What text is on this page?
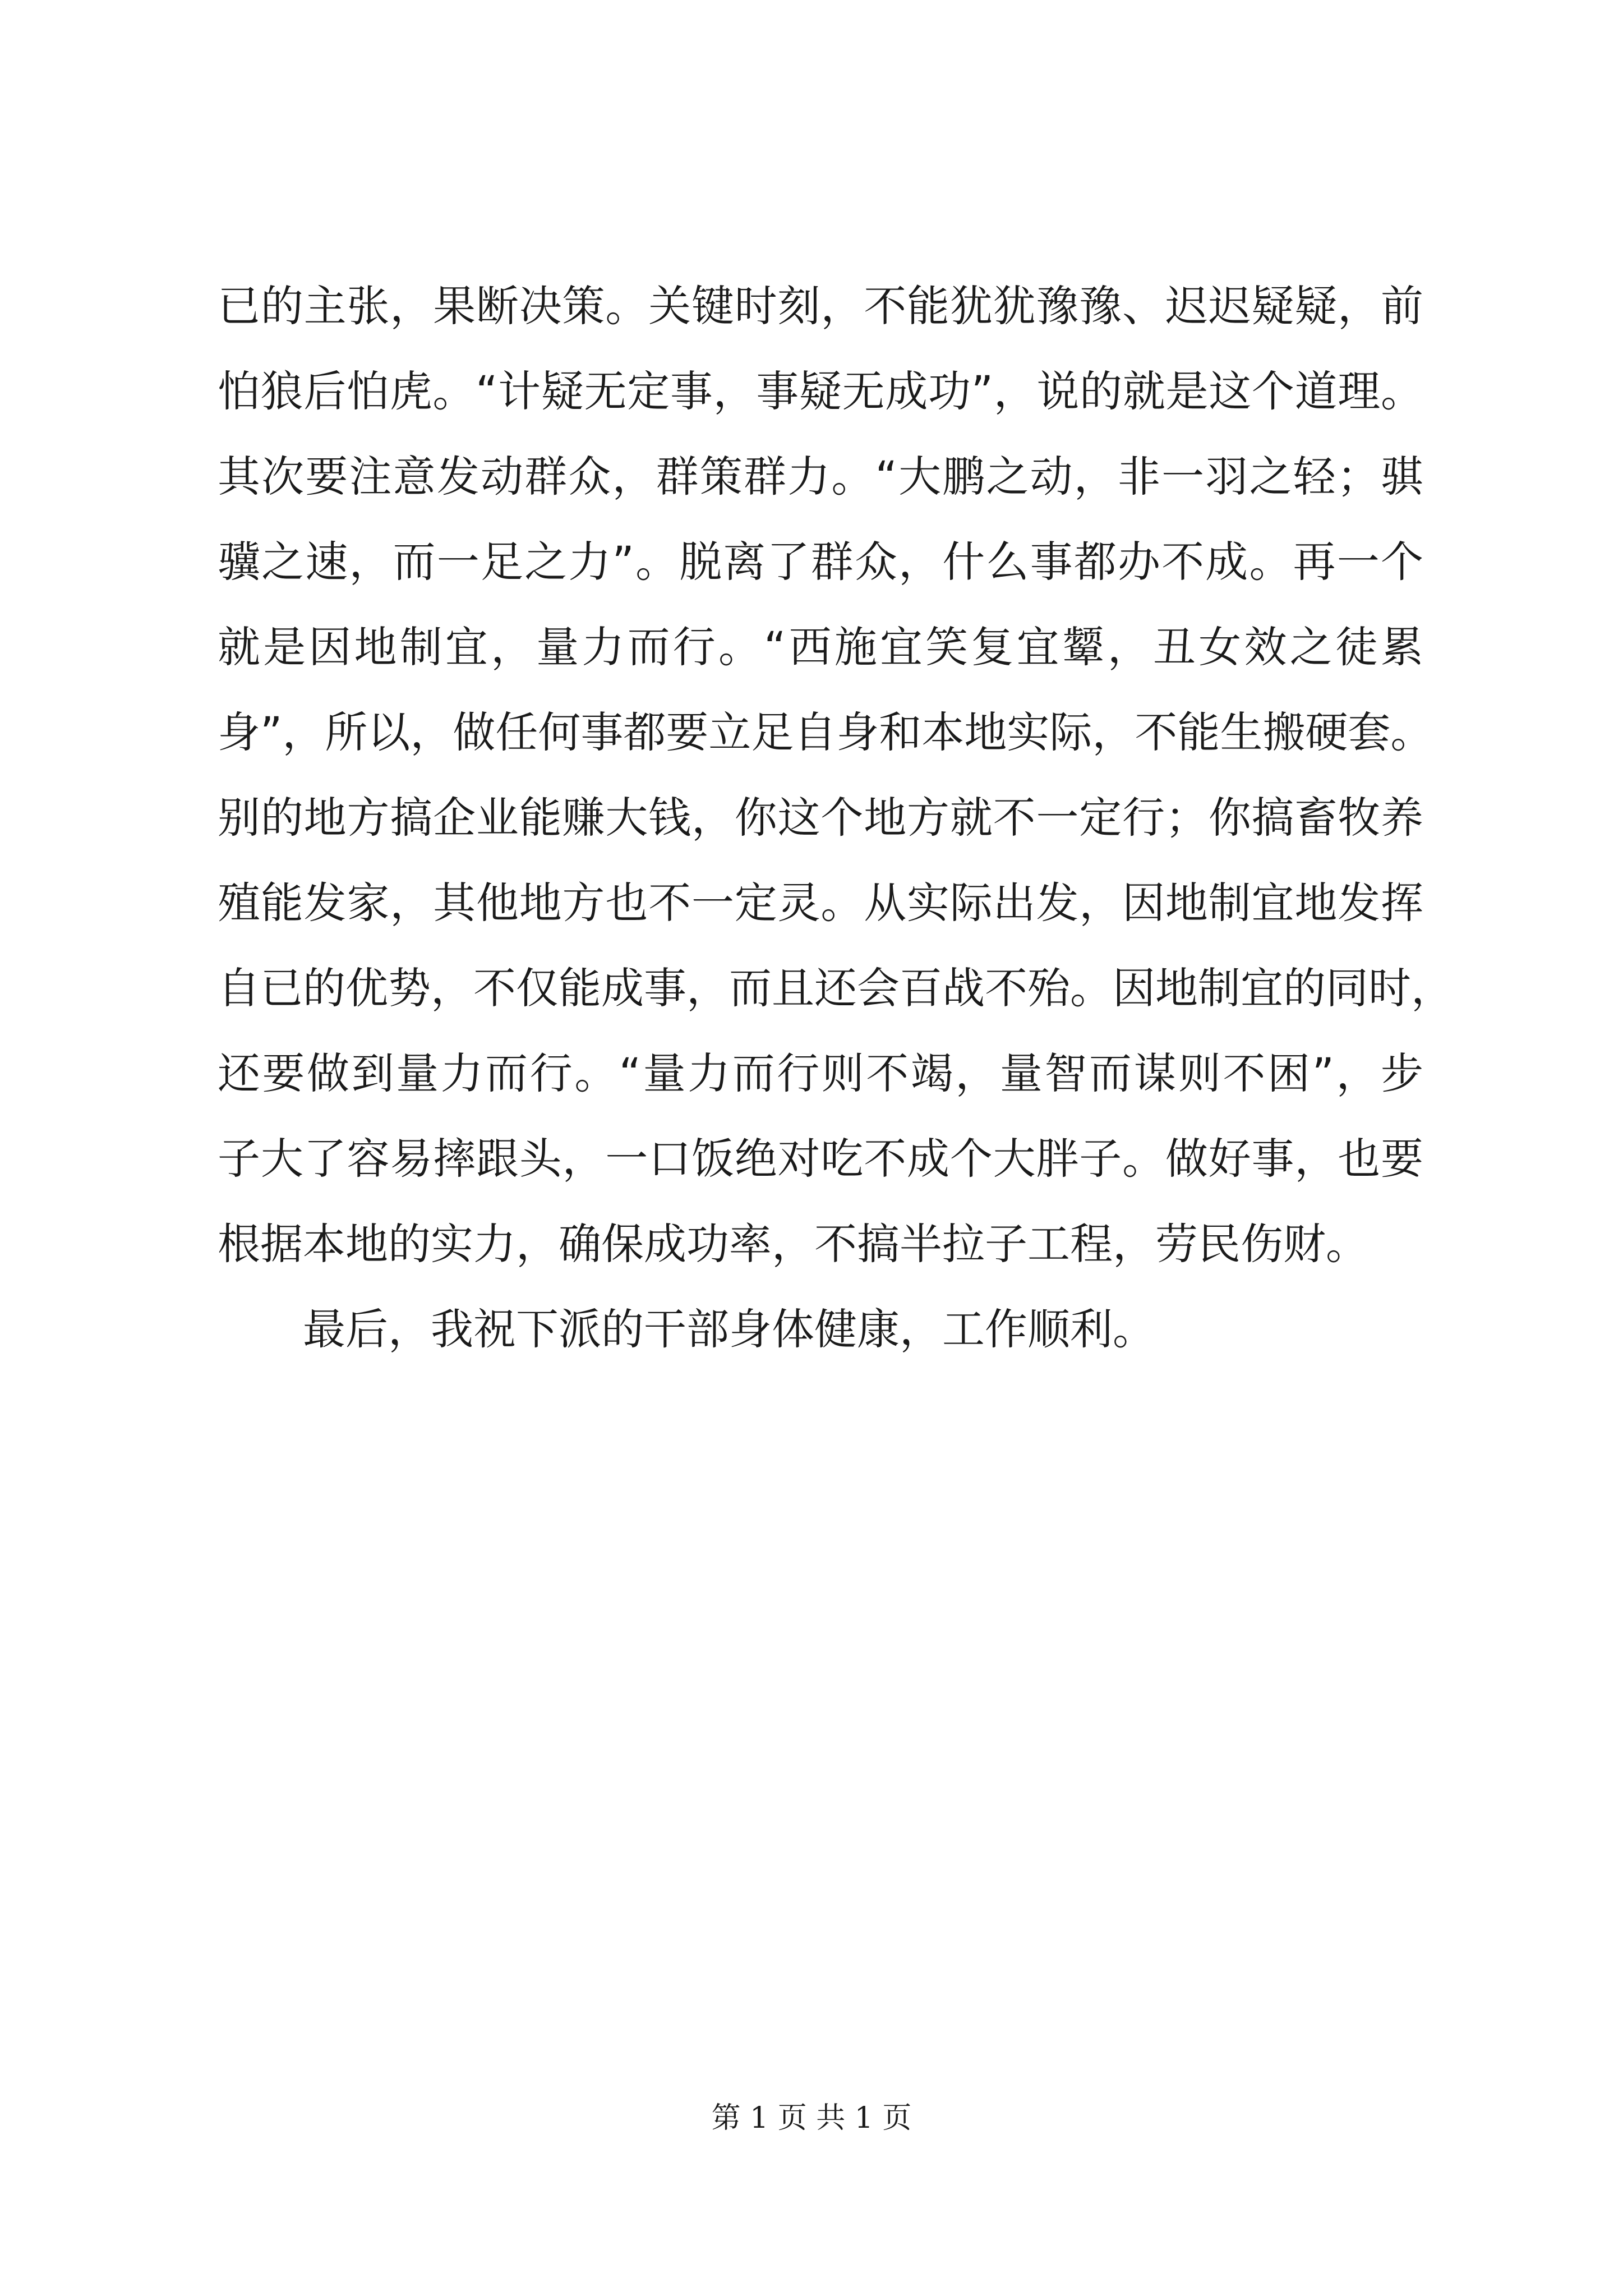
已的主张，果断决策。关键时刻，不能犹犹豫豫、迟迟疑疑，前
怕狼后怕虎。“计疑无定事，事疑无成功”，说的就是这个道理。
其次要注意发动群众，群策群力。“大鹏之动，非一羽之轻；骐
骥之速，而一足之力”。脱离了群众，什么事都办不成。再一个
就是因地制宜，量力而行。“西施宜笑复宜颦，丑女效之徒累
身”，所以，做任何事都要立足自身和本地实际，不能生搬硬套。
别的地方搞企业能赚大钱，你这个地方就不一定行；你搞畜牧养
殖能发家，其他地方也不一定灵。从实际出发，因地制宜地发挥
自已的优势，不仅能成事，而且还会百战不殆。因地制宜的同时，
还要做到量力而行。“量力而行则不竭，量智而谋则不困”，步
子大了容易摔跟头，一口饭绝对吃不成个大胖子。做好事，也要
根据本地的实力，确保成功率，不搞半拉子工程，劳民伤财。
最后，我祝下派的干部身体健康，工作顺利。
第 1 页 共 1 页
